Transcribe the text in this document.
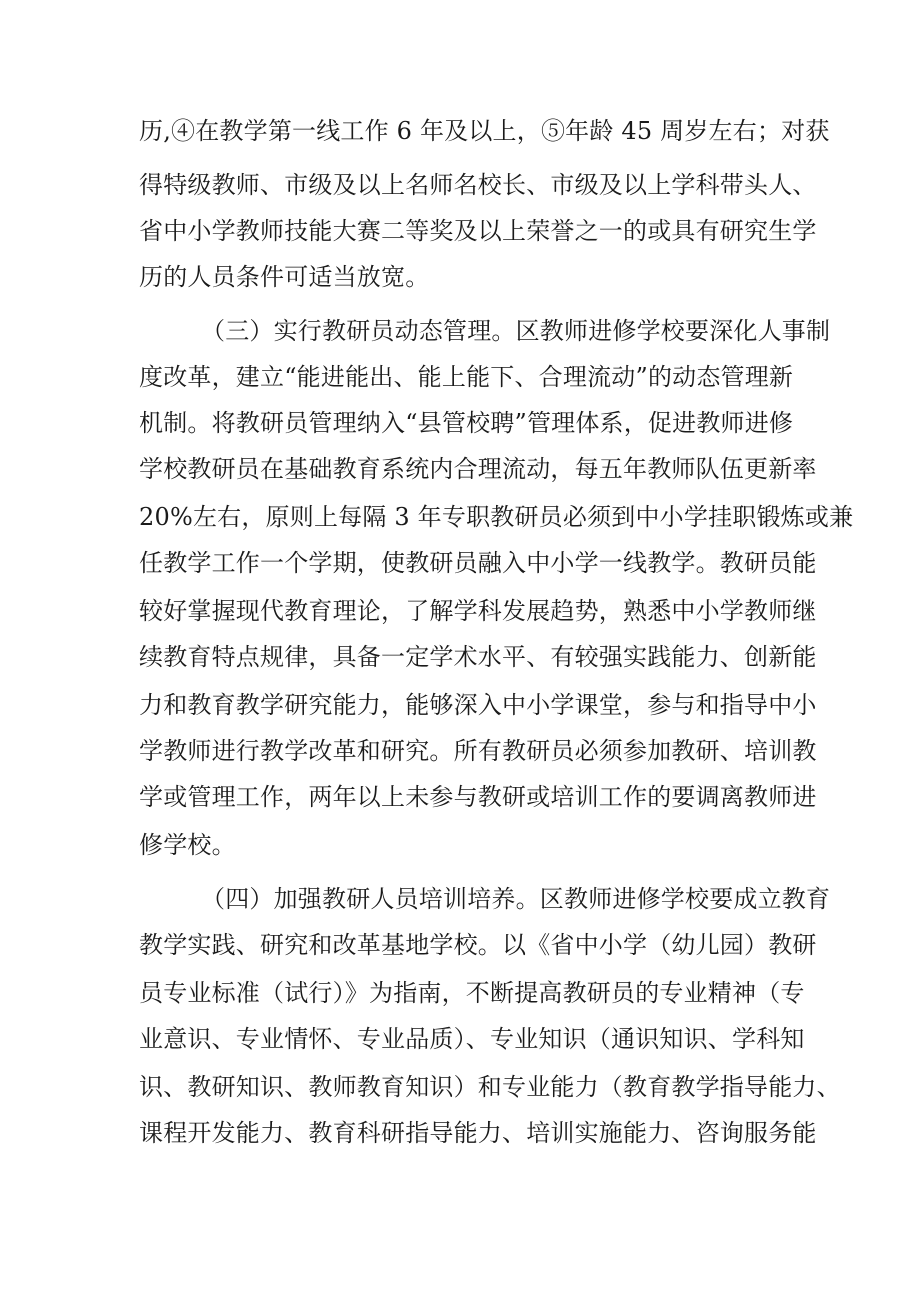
历,④在教学第一线工作 6 年及以上，⑤年龄 45 周岁左右；对获
得特级教师、市级及以上名师名校长、市级及以上学科带头人、
省中小学教师技能大赛二等奖及以上荣誉之一的或具有研究生学
历的人员条件可适当放宽。
（三）实行教研员动态管理。区教师进修学校要深化人事制
度改革，建立“能进能出、能上能下、合理流动”的动态管理新
机制。将教研员管理纳入“县管校聘”管理体系，促进教师进修
学校教研员在基础教育系统内合理流动，每五年教师队伍更新率
20%左右，原则上每隔 3 年专职教研员必须到中小学挂职锻炼或兼
任教学工作一个学期，使教研员融入中小学一线教学。教研员能
较好掌握现代教育理论，了解学科发展趋势，熟悉中小学教师继
续教育特点规律，具备一定学术水平、有较强实践能力、创新能
力和教育教学研究能力，能够深入中小学课堂，参与和指导中小
学教师进行教学改革和研究。所有教研员必须参加教研、培训教
学或管理工作，两年以上未参与教研或培训工作的要调离教师进
修学校。
（四）加强教研人员培训培养。区教师进修学校要成立教育
教学实践、研究和改革基地学校。以《省中小学（幼儿园）教研
员专业标准（试行）》为指南，不断提高教研员的专业精神（专
业意识、专业情怀、专业品质）、专业知识（通识知识、学科知
识、教研知识、教师教育知识）和专业能力（教育教学指导能力、
课程开发能力、教育科研指导能力、培训实施能力、咨询服务能
